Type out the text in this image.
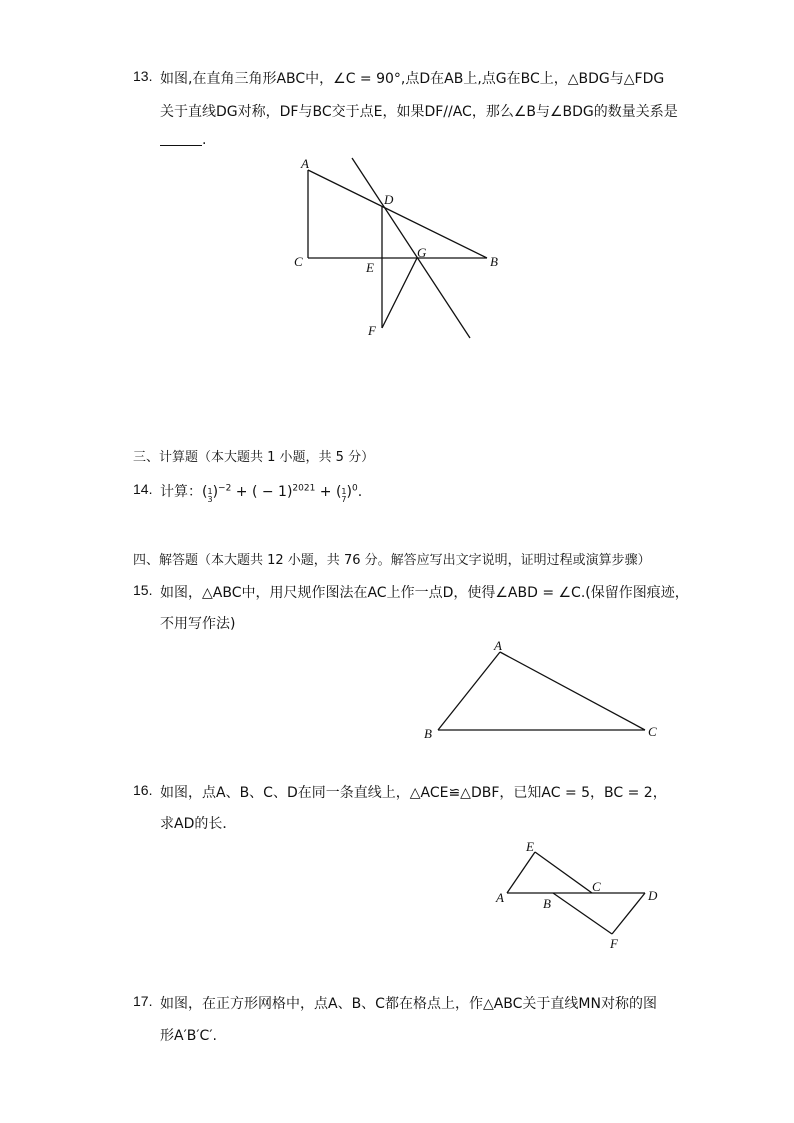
13. 如图,在直角三角形ABC中，∠C = 90°,点D在AB上,点G在BC上，△BDG与△FDG
关于直线DG对称，DF与BC交于点E，如果DF//AC，那么∠B与∠BDG的数量关系是
.
A
C
D
E
G
B
F
A
B	C
E
A	B
C
D
F
三、计算题（本大题共 1 小题，共 5 分）
14. 计算：( 1
3 )$^{-2}$ + ( − 1)$^{2021}$ + ( 1
7 )$^0$.
四、解答题（本大题共 12 小题，共 76 分。解答应写出文字说明，证明过程或演算步骤）
15. 如图，△ABC中，用尺规作图法在AC上作一点D，使得∠ABD = ∠C.(保留作图痕迹，
不用写作法)
16. 如图，点A、B、C、D在同一条直线上，△ACE≌△DBF，已知AC = 5，BC = 2，
求AD的长．
17. 如图，在正方形网格中，点A、B、C都在格点上，作△ABC关于直线MN对称的图
形A′B′C′.
